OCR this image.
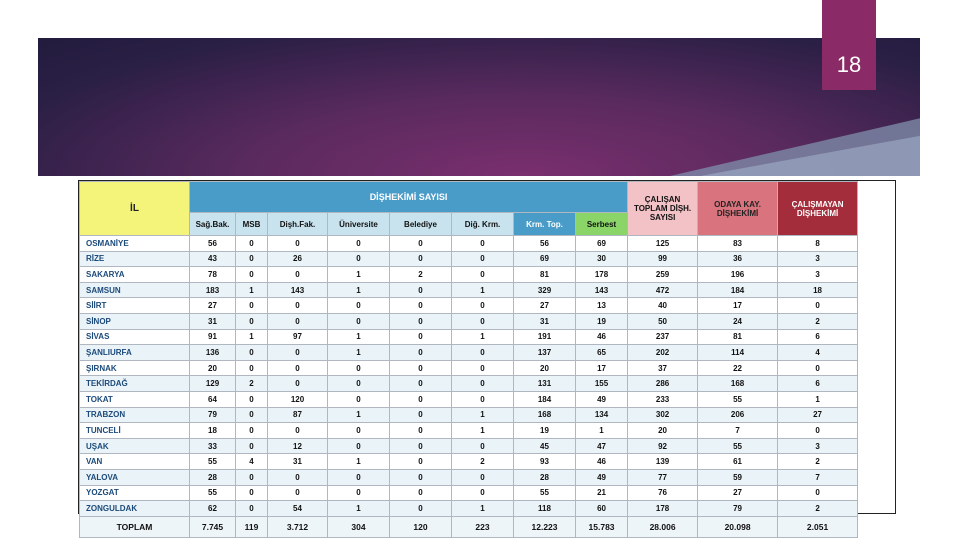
18
İL	DİŞHEKİMİ SAYISI								ÇALIŞAN TOPLAM DİŞH. SAYISI	ODAYA KAY. DİŞHEKİMİ	ÇALIŞMAYAN DİŞHEKİMİ
	Sağ.Bak.	MSB	Dişh.Fak.	Üniversite	Belediye	Diğ. Krm.	Krm. Top.	Serbest			
OSMANİYE	56	0	0	0	0	0	56	69	125	83	8
RİZE	43	0	26	0	0	0	69	30	99	36	3
SAKARYA	78	0	0	1	2	0	81	178	259	196	3
SAMSUN	183	1	143	1	0	1	329	143	472	184	18
SİİRT	27	0	0	0	0	0	27	13	40	17	0
SİNOP	31	0	0	0	0	0	31	19	50	24	2
SİVAS	91	1	97	1	0	1	191	46	237	81	6
ŞANLIURFA	136	0	0	1	0	0	137	65	202	114	4
ŞIRNAK	20	0	0	0	0	0	20	17	37	22	0
TEKİRDAĞ	129	2	0	0	0	0	131	155	286	168	6
TOKAT	64	0	120	0	0	0	184	49	233	55	1
TRABZON	79	0	87	1	0	1	168	134	302	206	27
TUNCELİ	18	0	0	0	0	1	19	1	20	7	0
UŞAK	33	0	12	0	0	0	45	47	92	55	3
VAN	55	4	31	1	0	2	93	46	139	61	2
YALOVA	28	0	0	0	0	0	28	49	77	59	7
YOZGAT	55	0	0	0	0	0	55	21	76	27	0
ZONGULDAK	62	0	54	1	0	1	118	60	178	79	2
TOPLAM	7.745	119	3.712	304	120	223	12.223	15.783	28.006	20.098	2.051
